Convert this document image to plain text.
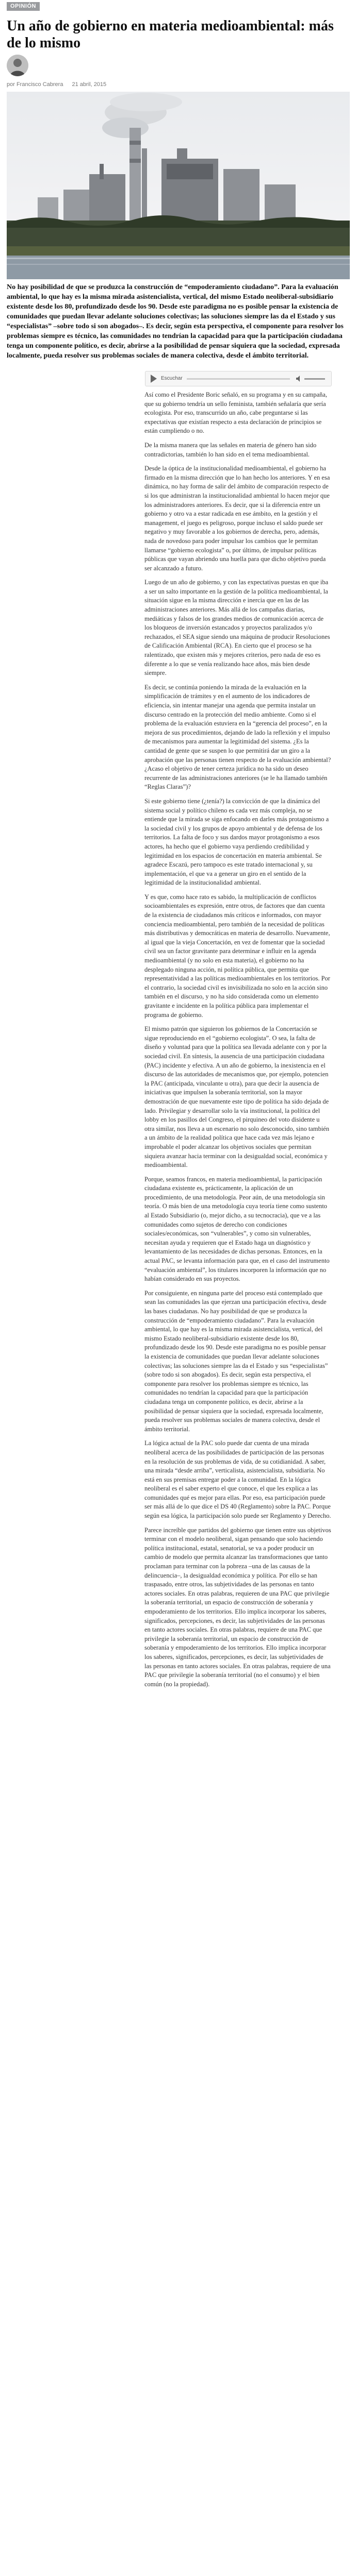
OPINIÓN
Un año de gobierno en materia medioambiental: más de lo mismo
por Francisco Cabrera 21 abril, 2015

No hay posibilidad de que se produzca la construcción de “empoderamiento ciudadano”. Para la evaluación ambiental, lo que hay es la misma mirada asistencialista, vertical, del mismo Estado neoliberal-subsidiario existente desde los 80, profundizado desde los 90. Desde este paradigma no es posible pensar la existencia de comunidades que puedan llevar adelante soluciones colectivas; las soluciones siempre las da el Estado y sus “especialistas” –sobre todo si son abogados–. Es decir, según esta perspectiva, el componente para resolver los problemas siempre es técnico, las comunidades no tendrían la capacidad para que la participación ciudadana tenga un componente político, es decir, abrirse a la posibilidad de pensar siquiera que la sociedad, expresada localmente, pueda resolver sus problemas sociales de manera colectiva, desde el ámbito territorial.

Escuchar

Así como el Presidente Boric señaló, en su programa y en su campaña, que su gobierno tendría un sello feminista, también señalaría que sería ecologista. Por eso, transcurrido un año, cabe preguntarse si las expectativas que existían respecto a esta declaración de principios se están cumpliendo o no.

De la misma manera que las señales en materia de género han sido contradictorias, también lo han sido en el tema medioambiental.

Desde la óptica de la institucionalidad medioambiental, el gobierno ha firmado en la misma dirección que lo han hecho los anteriores. Y en esa dinámica, no hay forma de salir del ámbito de comparación respecto de si los que administran la institucionalidad ambiental lo hacen mejor que los administradores anteriores. Es decir, que si la diferencia entre un gobierno y otro va a estar radicada en ese ámbito, en la gestión y el management, el juego es peligroso, porque incluso el saldo puede ser negativo y muy favorable a los gobiernos de derecha, pero, además, nada de novedoso para poder impulsar los cambios que le permitan llamarse “gobierno ecologista” o, por último, de impulsar políticas públicas que vayan abriendo una huella para que dicho objetivo pueda ser alcanzado a futuro.

Luego de un año de gobierno, y con las expectativas puestas en que iba a ser un salto importante en la gestión de la política medioambiental, la situación sigue en la misma dirección e inercia que en las de las administraciones anteriores. Más allá de los campañas diarias, mediáticas y falsos de los grandes medios de comunicación acerca de los bloqueos de inversión estancados y proyectos paralizados y/o rechazados, el SEA sigue siendo una máquina de producir Resoluciones de Calificación Ambiental (RCA). En cierto que el proceso se ha ralentizado, que existen más y mejores criterios, pero nada de eso es diferente a lo que se venía realizando hace años, más bien desde siempre.

Es decir, se continúa poniendo la mirada de la evaluación en la simplificación de trámites y en el aumento de los indicadores de eficiencia, sin intentar manejar una agenda que permita instalar un discurso centrado en la protección del medio ambiente. Como si el problema de la evaluación estuviera en la “gerencia del proceso”, en la mejora de sus procedimientos, dejando de lado la reflexión y el impulso de mecanismos para aumentar la legitimidad del sistema. ¿Es la cantidad de gente que se suspen lo que permitirá dar un giro a la aprobación que las personas tienen respecto de la evaluación ambiental? ¿Acaso el objetivo de tener certeza jurídica no ha sido un deseo recurrente de las administraciones anteriores (se le ha llamado también “Reglas Claras”)?

Si este gobierno tiene (¿tenía?) la convicción de que la dinámica del sistema social y político chileno es cada vez más compleja, no se entiende que la mirada se siga enfocando en darles más protagonismo a la sociedad civil y los grupos de apoyo ambiental y de defensa de los territorios. La falta de foco y sus dardos mayor protagonismo a esos actores, ha hecho que el gobierno vaya perdiendo credibilidad y legitimidad en los espacios de concertación en materia ambiental. Se agradece Escazú, pero tampoco es este tratado internacional y, su implementación, el que va a generar un giro en el sentido de la legitimidad de la institucionalidad ambiental.

Y es que, como hace rato es sabido, la multiplicación de conflictos socioambientales es expresión, entre otros, de factores que dan cuenta de la existencia de ciudadanos más críticos e informados, con mayor conciencia medioambiental, pero también de la necesidad de políticas más distributivas y democráticas en materia de desarrollo. Nuevamente, al igual que la vieja Concertación, en vez de fomentar que la sociedad civil sea un factor gravitante para determinar e influir en la agenda medioambiental (y no solo en esta materia), el gobierno no ha desplegado ninguna acción, ni política pública, que permita que representatividad a las políticas medioambientales en los territorios. Por el contrario, la sociedad civil es invisibilizada no solo en la acción sino también en el discurso, y no ha sido considerada como un elemento gravitante e incidente en la política pública para implementar el programa de gobierno.

El mismo patrón que siguieron los gobiernos de la Concertación se sigue reproduciendo en el “gobierno ecologista”. O sea, la falta de diseño y voluntad para que la política sea llevada adelante con y por la sociedad civil. En síntesis, la ausencia de una participación ciudadana (PAC) incidente y efectiva. A un año de gobierno, la inexistencia en el discurso de las autoridades de mecanismos que, por ejemplo, potencien la PAC (anticipada, vinculante u otra), para que decir la ausencia de iniciativas que impulsen la soberanía territorial, son la mayor demostración de que nuevamente este tipo de política ha sido dejada de lado. Privilegiar y desarrollar solo la vía institucional, la política del lobby en los pasillos del Congreso, el pirquineo del voto disidente u otra similar, nos lleva a un escenario no solo desconocido, sino también a un ámbito de la realidad política que hace cada vez más lejano e improbable el poder alcanzar los objetivos sociales que permitan siquiera avanzar hacia terminar con la desigualdad social, económica y medioambiental.

Porque, seamos francos, en materia medioambiental, la participación ciudadana existente es, prácticamente, la aplicación de un procedimiento, de una metodología. Peor aún, de una metodología sin teoría. O más bien de una metodología cuya teoría tiene como sustento al Estado Subsidiario (o, mejor dicho, a su tecnocracia), que ve a las comunidades como sujetos de derecho con condiciones sociales/económicas, son “vulnerables”, y como sin vulnerables, necesitan ayuda y requieren que el Estado haga un diagnóstico y levantamiento de las necesidades de dichas personas. Entonces, en la actual PAC, se levanta información para que, en el caso del instrumento “evaluación ambiental”, los titulares incorporen la información que no habían considerado en sus proyectos.

Por consiguiente, en ninguna parte del proceso está contemplado que sean las comunidades las que ejerzan una participación efectiva, desde las bases ciudadanas. No hay posibilidad de que se produzca la construcción de “empoderamiento ciudadano”. Para la evaluación ambiental, lo que hay es la misma mirada asistencialista, vertical, del mismo Estado neoliberal-subsidiario existente desde los 80, profundizado desde los 90. Desde este paradigma no es posible pensar la existencia de comunidades que puedan llevar adelante soluciones colectivas; las soluciones siempre las da el Estado y sus “especialistas” (sobre todo si son abogados). Es decir, según esta perspectiva, el componente para resolver los problemas siempre es técnico, las comunidades no tendrían la capacidad para que la participación ciudadana tenga un componente político, es decir, abrirse a la posibilidad de pensar siquiera que la sociedad, expresada localmente, pueda resolver sus problemas sociales de manera colectiva, desde el ámbito territorial.

La lógica actual de la PAC solo puede dar cuenta de una mirada neoliberal acerca de las posibilidades de participación de las personas en la resolución de sus problemas de vida, de su cotidianidad. A saber, una mirada “desde arriba”, verticalista, asistencialista, subsidiaria. No está en sus premisas entregar poder a la comunidad. En la lógica neoliberal es el saber experto el que conoce, el que les explica a las comunidades qué es mejor para ellas. Por eso, esa participación puede ser más allá de lo que dice el DS 40 (Reglamento) sobre la PAC. Porque según esa lógica, la participación solo puede ser Reglamento y Derecho.

Parece increíble que partidos del gobierno que tienen entre sus objetivos terminar con el modelo neoliberal, sigan pensando que solo haciendo política institucional, estatal, senatorial, se va a poder producir un cambio de modelo que permita alcanzar las transformaciones que tanto proclaman para terminar con la pobreza –una de las causas de la delincuencia–, la desigualdad económica y política. Por ello se han traspasado, entre otros, las subjetividades de las personas en tanto actores sociales. En otras palabras, requieren de una PAC que privilegie la soberanía territorial, un espacio de construcción de soberanía y empoderamiento de los territorios. Ello implica incorporar los saberes, significados, percepciones, es decir, las subjetividades de las personas en tanto actores sociales. En otras palabras, requiere de una PAC que privilegie la soberanía territorial, un espacio de construcción de soberanía y empoderamiento de los territorios. Ello implica incorporar los saberes, significados, percepciones, es decir, las subjetividades de las personas en tanto actores sociales. En otras palabras, requiere de una PAC que privilegie la soberanía territorial (no el consumo) y el bien común (no la propiedad).
